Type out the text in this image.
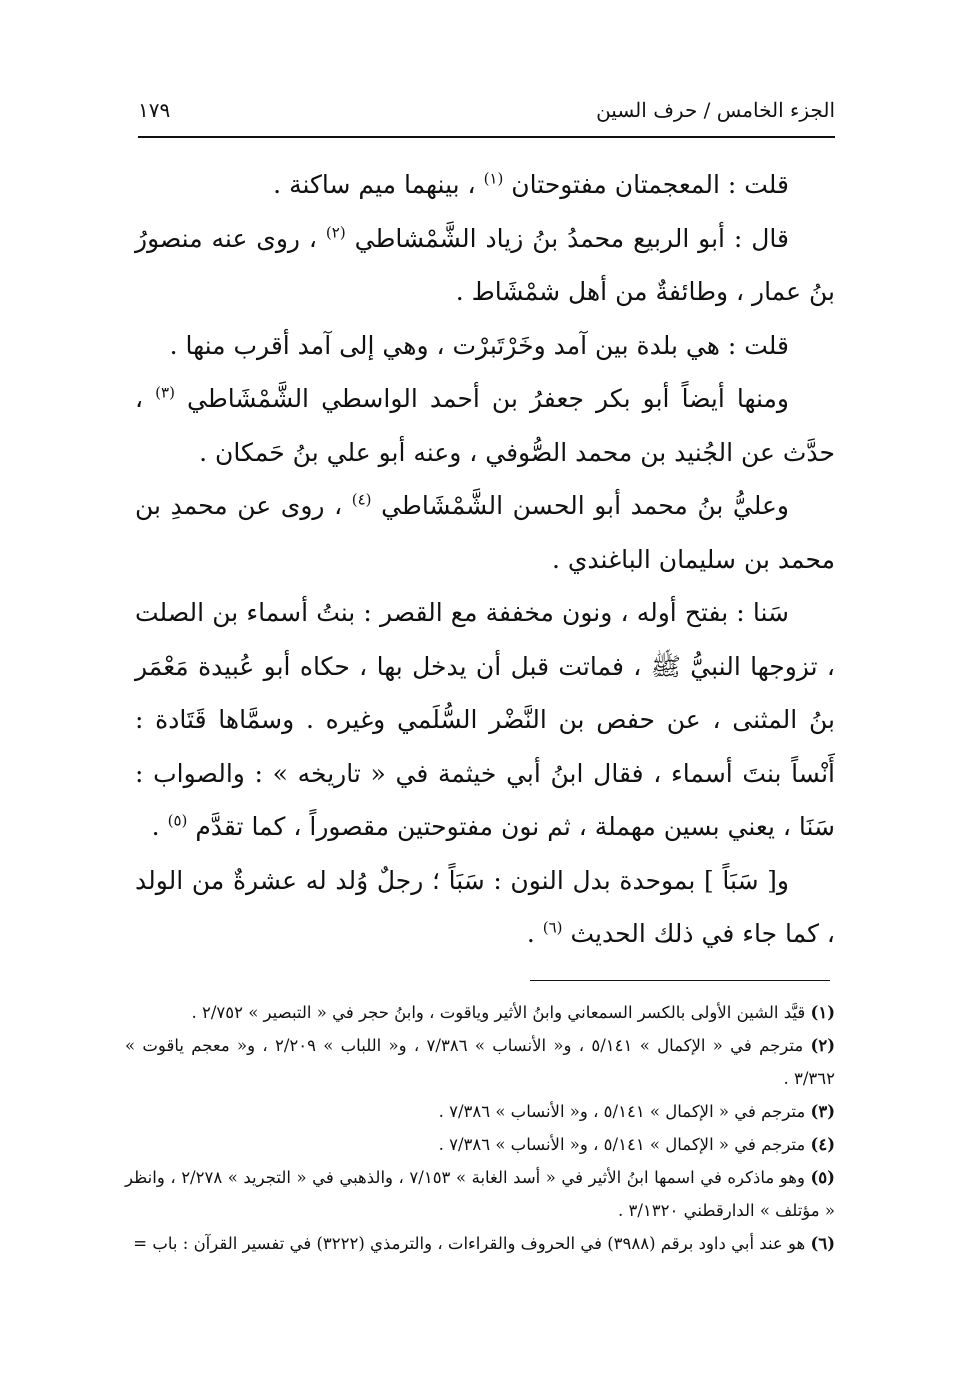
الجزء الخامس / حرف السين
١٧٩

قلت : المعجمتان مفتوحتان $^{(١)}$ ، بينهما ميم ساكنة .

قال : أبو الربيع محمدُ بنُ زياد الشَّمْشاطي $^{(٢)}$ ، روى عنه منصورُ بنُ عمار ، وطائفةٌ من أهل شمْشَاط .

قلت : هي بلدة بين آمد وخَرْتَبرْت ، وهي إلى آمد أقرب منها .

ومنها أيضاً أبو بكر جعفرُ بن أحمد الواسطي الشَّمْشَاطي $^{(٣)}$ ، حدَّث عن الجُنيد بن محمد الصُّوفي ، وعنه أبو علي بنُ حَمكان .

وعليُّ بنُ محمد أبو الحسن الشَّمْشَاطي $^{(٤)}$ ، روى عن محمدِ بن محمد بن سليمان الباغندي .

سَنا : بفتح أوله ، ونون مخففة مع القصر : بنتُ أسماء بن الصلت ، تزوجها النبيُّ ﷺ ، فماتت قبل أن يدخل بها ، حكاه أبو عُبيدة مَعْمَر بنُ المثنى ، عن حفص بن النَّضْر السُّلَمي وغيره . وسمَّاها قَتَادة : أَنْساً بنتَ أسماء ، فقال ابنُ أبي خيثمة في « تاريخه » : والصواب : سَنَا ، يعني بسين مهملة ، ثم نون مفتوحتين مقصوراً ، كما تقدَّم $^{(٥)}$ .

و[ سَبَاً ] بموحدة بدل النون : سَبَاً ؛ رجلٌ وُلد له عشرةٌ من الولد ، كما جاء في ذلك الحديث $^{(٦)}$ .

(١) قيَّد الشين الأولى بالكسر السمعاني وابنُ الأثير وياقوت ، وابنُ حجر في « التبصير » ٢/٧٥٢ .

(٢) مترجم في « الإكمال » ٥/١٤١ ، و« الأنساب » ٧/٣٨٦ ، و« اللباب » ٢/٢٠٩ ، و« معجم ياقوت » ٣/٣٦٢ .

(٣) مترجم في « الإكمال » ٥/١٤١ ، و« الأنساب » ٧/٣٨٦ .

(٤) مترجم في « الإكمال » ٥/١٤١ ، و« الأنساب » ٧/٣٨٦ .

(٥) وهو ماذكره في اسمها ابنُ الأثير في « أسد الغابة » ٧/١٥٣ ، والذهبي في « التجريد » ٢/٢٧٨ ، وانظر « مؤتلف » الدارقطني ٣/١٣٢٠ .

(٦) هو عند أبي داود برقم (٣٩٨٨) في الحروف والقراءات ، والترمذي (٣٢٢٢) في تفسير القرآن : باب =
